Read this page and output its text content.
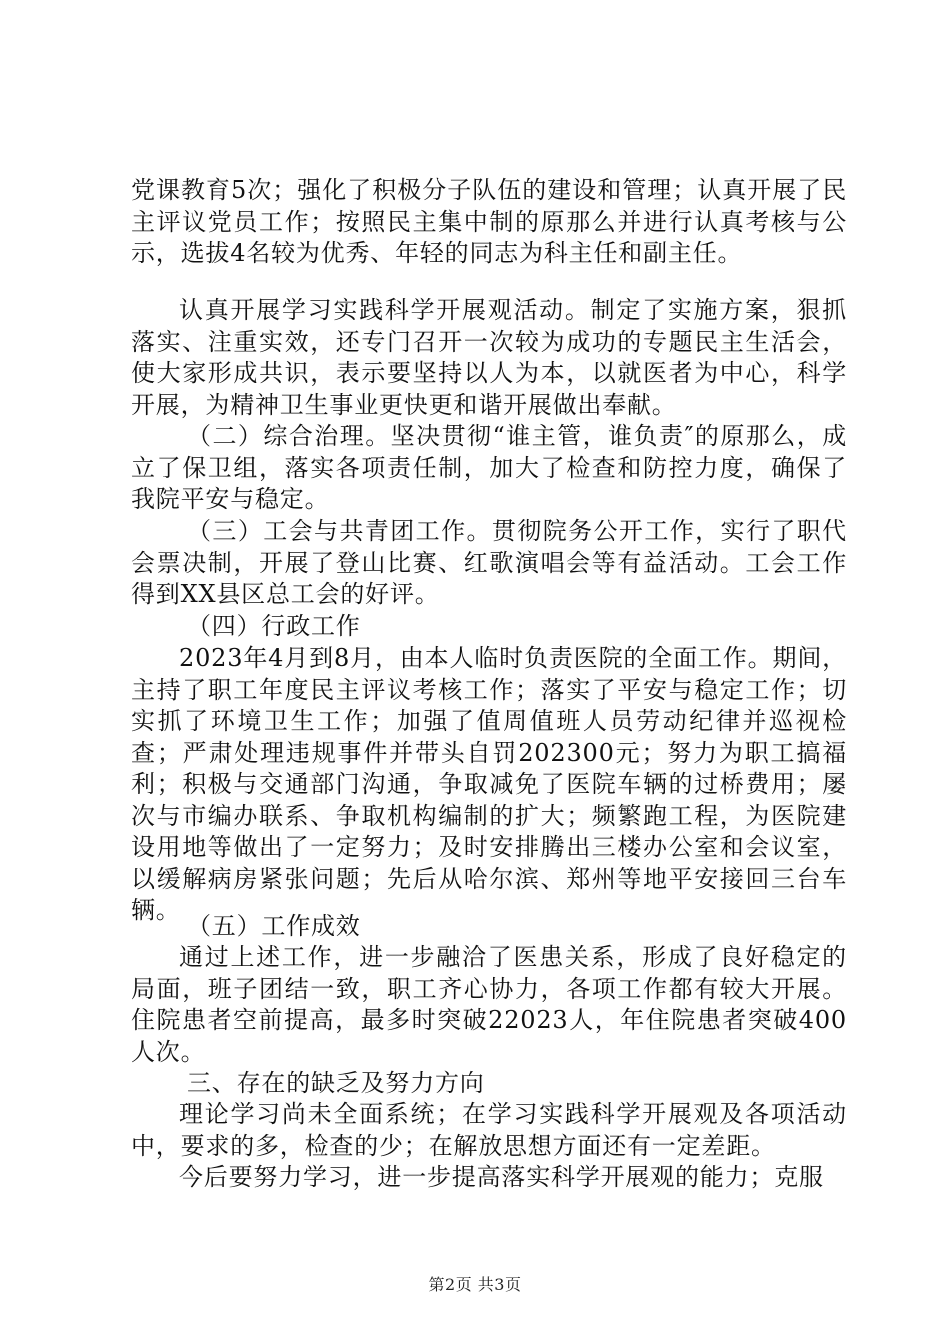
党课教育5次；强化了积极分子队伍的建设和管理；认真开展了民主评议党员工作；按照民主集中制的原那么并进行认真考核与公示，选拔4名较为优秀、年轻的同志为科主任和副主任。

认真开展学习实践科学开展观活动。制定了实施方案，狠抓落实、注重实效，还专门召开一次较为成功的专题民主生活会，使大家形成共识，表示要坚持以人为本，以就医者为中心，科学开展，为精神卫生事业更快更和谐开展做出奉献。

（二）综合治理。坚决贯彻“谁主管，谁负责″的原那么，成立了保卫组，落实各项责任制，加大了检查和防控力度，确保了我院平安与稳定。

（三）工会与共青团工作。贯彻院务公开工作，实行了职代会票决制，开展了登山比赛、红歌演唱会等有益活动。工会工作得到XX县区总工会的好评。

（四）行政工作

2023年4月到8月，由本人临时负责医院的全面工作。期间，主持了职工年度民主评议考核工作；落实了平安与稳定工作；切实抓了环境卫生工作；加强了值周值班人员劳动纪律并巡视检查；严肃处理违规事件并带头自罚202300元；努力为职工搞福利；积极与交通部门沟通，争取减免了医院车辆的过桥费用；屡次与市编办联系、争取机构编制的扩大；频繁跑工程，为医院建设用地等做出了一定努力；及时安排腾出三楼办公室和会议室，以缓解病房紧张问题；先后从哈尔滨、郑州等地平安接回三台车辆。

（五）工作成效

通过上述工作，进一步融洽了医患关系，形成了良好稳定的局面，班子团结一致，职工齐心协力，各项工作都有较大开展。住院患者空前提高，最多时突破22023人，年住院患者突破400人次。

三、存在的缺乏及努力方向

理论学习尚未全面系统；在学习实践科学开展观及各项活动中，要求的多，检查的少；在解放思想方面还有一定差距。

今后要努力学习，进一步提高落实科学开展观的能力；克服

第2页 共3页
